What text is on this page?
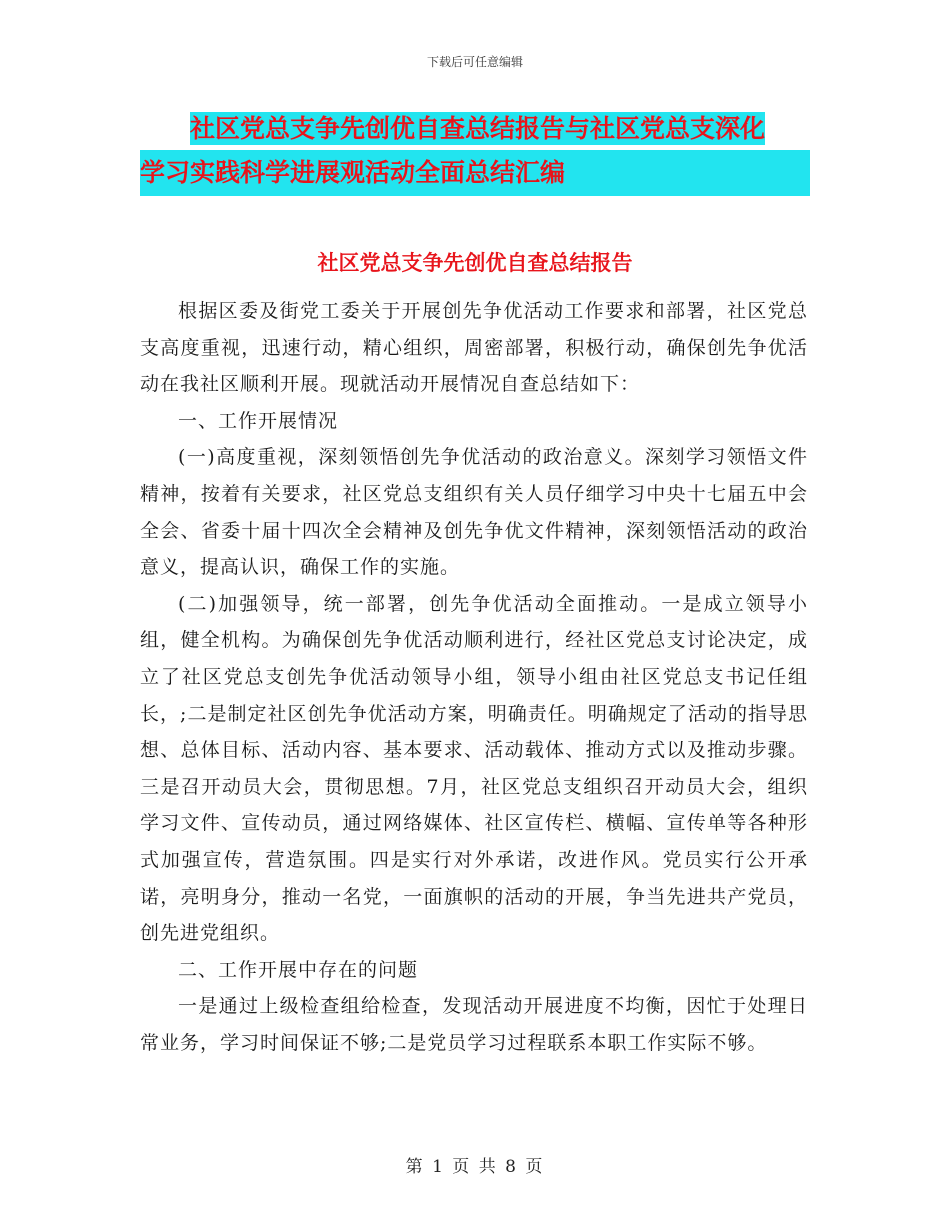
下载后可任意编辑
社区党总支争先创优自查总结报告与社区党总支深化
学习实践科学进展观活动全面总结汇编
社区党总支争先创优自查总结报告

根据区委及街党工委关于开展创先争优活动工作要求和部署，社区党总支高度重视，迅速行动，精心组织，周密部署，积极行动，确保创先争优活动在我社区顺利开展。现就活动开展情况自查总结如下：

一、工作开展情况

(一)高度重视，深刻领悟创先争优活动的政治意义。深刻学习领悟文件精神，按着有关要求，社区党总支组织有关人员仔细学习中央十七届五中会全会、省委十届十四次全会精神及创先争优文件精神，深刻领悟活动的政治意义，提高认识，确保工作的实施。

(二)加强领导，统一部署，创先争优活动全面推动。一是成立领导小组，健全机构。为确保创先争优活动顺利进行，经社区党总支讨论决定，成立了社区党总支创先争优活动领导小组，领导小组由社区党总支书记任组长，;二是制定社区创先争优活动方案，明确责任。明确规定了活动的指导思想、总体目标、活动内容、基本要求、活动载体、推动方式以及推动步骤。三是召开动员大会，贯彻思想。7月，社区党总支组织召开动员大会，组织学习文件、宣传动员，通过网络媒体、社区宣传栏、横幅、宣传单等各种形式加强宣传，营造氛围。四是实行对外承诺，改进作风。党员实行公开承诺，亮明身分，推动一名党，一面旗帜的活动的开展，争当先进共产党员，创先进党组织。

二、工作开展中存在的问题

一是通过上级检查组给检查，发现活动开展进度不均衡，因忙于处理日常业务，学习时间保证不够;二是党员学习过程联系本职工作实际不够。

第 1 页 共 8 页
